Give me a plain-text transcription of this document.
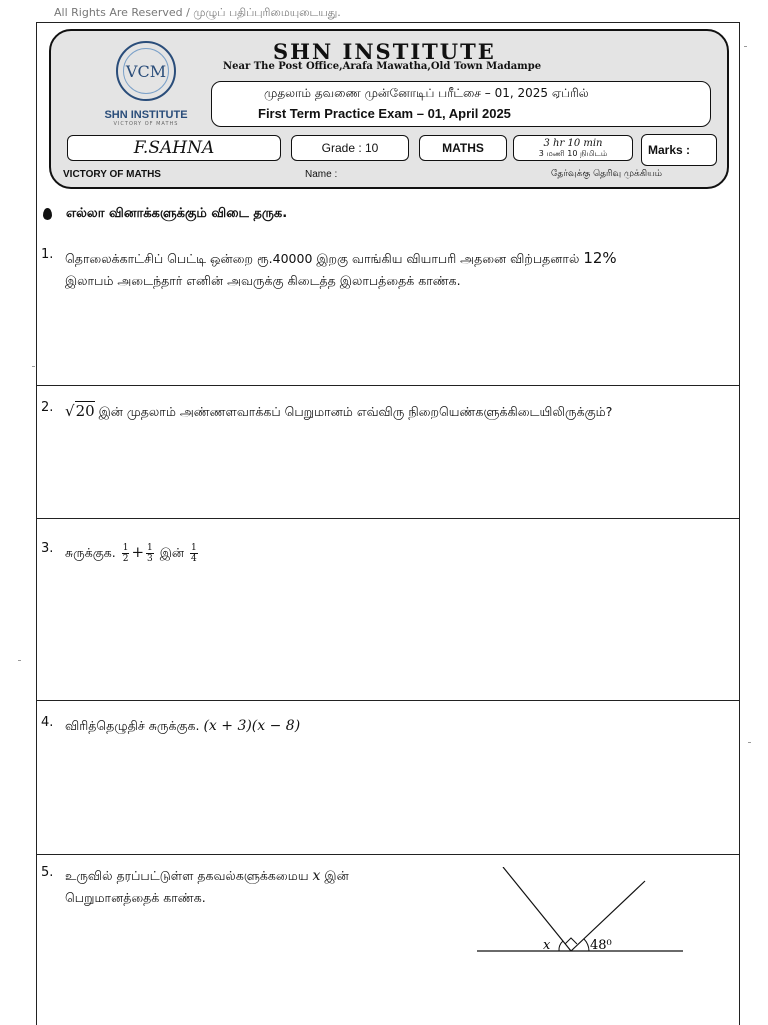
All Rights Are Reserved / முழுப் பதிப்புரிமையுடையது.
VCM
SHN INSTITUTE
VICTORY OF MATHS
SHN INSTITUTE
Near The Post Office,Arafa Mawatha,Old Town Madampe
முதலாம் தவணை முன்னோடிப் பரீட்சை – 01, 2025 ஏப்ரில்
First Term Practice Exam – 01, April 2025
F.SAHNA	Grade : 10	MATHS	3 hr 10 min
3 மணி 10 நிமிடம்	Marks :
VICTORY OF MATHS	Name :	தேர்வுக்கு தெரிவு முக்கியம்
எல்லா வினாக்களுக்கும் விடை தருக.
1. தொலைக்காட்சிப் பெட்டி ஒன்றை ரூ.40000 இறகு வாங்கிய வியாபரி அதனை விற்பதனால் 12%
இலாபம் அடைந்தார் எனின் அவருக்கு கிடைத்த இலாபத்தைக் காண்க.
2. √20 இன் முதலாம் அண்ணளவாக்கப் பெறுமானம் எவ்விரு நிறையெண்களுக்கிடையிலிருக்கும்?
3. சுருக்குக. $\frac{1}{2} + \frac{1}{3}$ இன் $\frac{1}{4}$
4. விரித்தெழுதிச் சுருக்குக. (x + 3)(x − 8)
5. உருவில் தரப்பட்டுள்ள தகவல்களுக்கமைய x இன்
பெறுமானத்தைக் காண்க.
x	48⁰
